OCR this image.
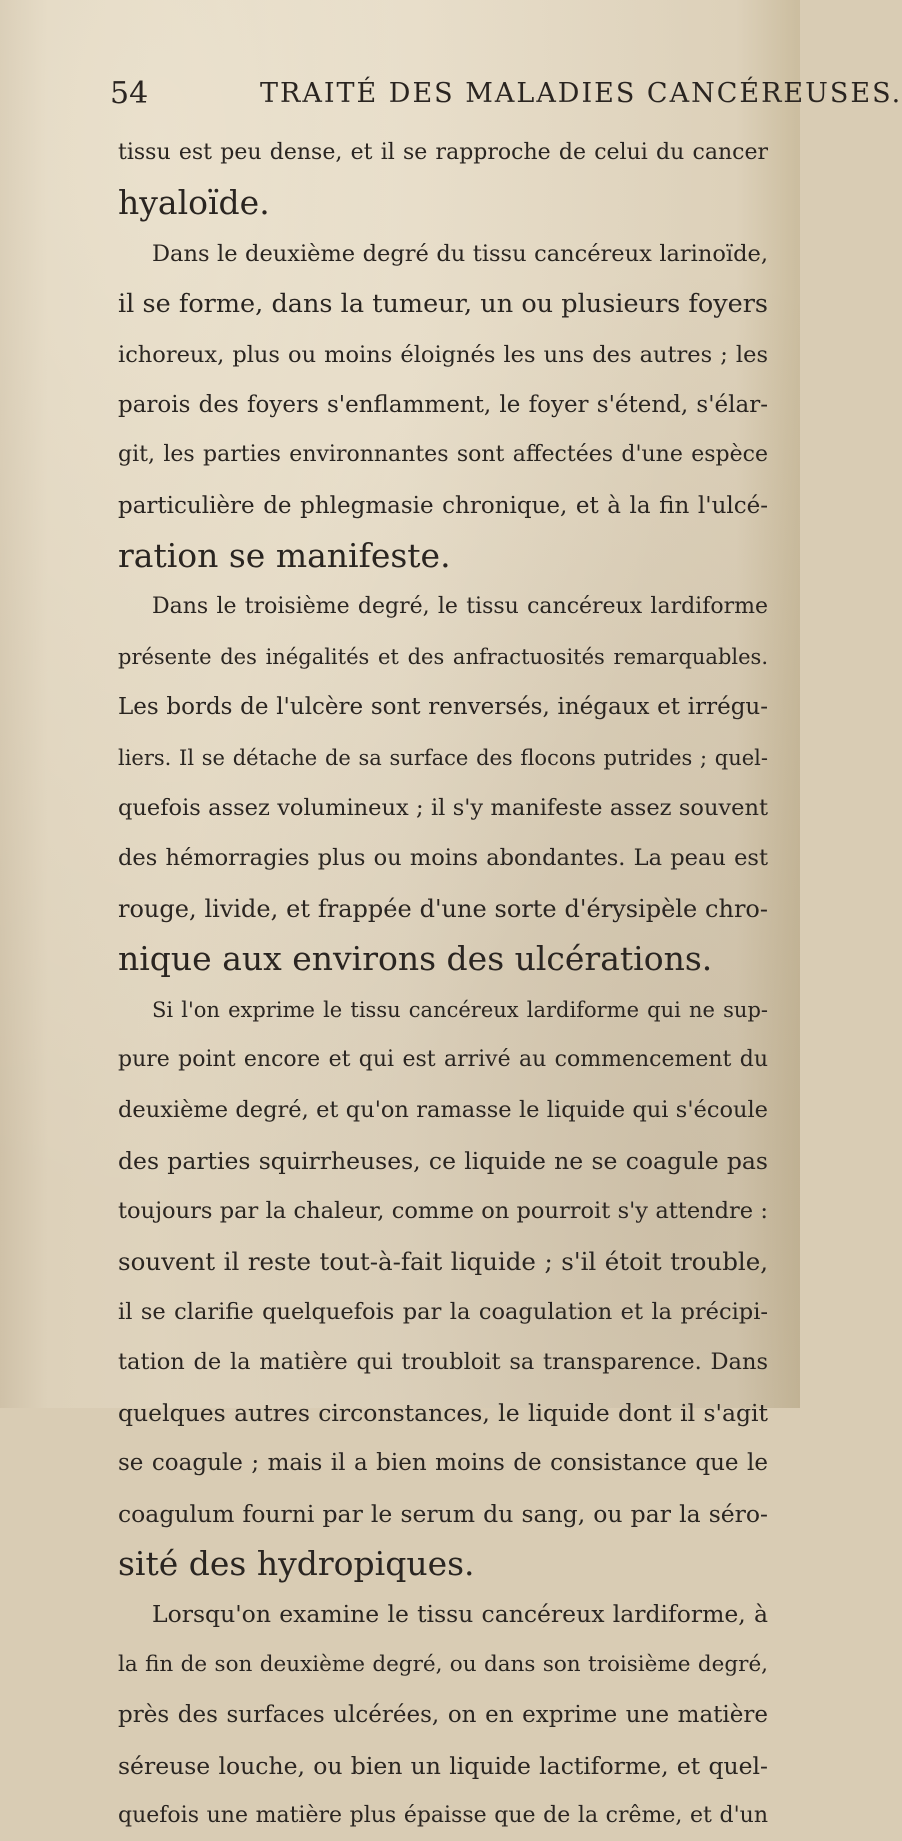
54	TRAITÉ DES MALADIES CANCÉREUSES.
tissu est peu dense, et il se rapproche de celui du cancer
hyaloïde.
Dans le deuxième degré du tissu cancéreux larinoïde,
il se forme, dans la tumeur, un ou plusieurs foyers
ichoreux, plus ou moins éloignés les uns des autres ; les
parois des foyers s'enflamment, le foyer s'étend, s'élar-
git, les parties environnantes sont affectées d'une espèce
particulière de phlegmasie chronique, et à la fin l'ulcé-
ration se manifeste.
Dans le troisième degré, le tissu cancéreux lardiforme
présente des inégalités et des anfractuosités remarquables.
Les bords de l'ulcère sont renversés, inégaux et irrégu-
liers. Il se détache de sa surface des flocons putrides ; quel-
quefois assez volumineux ; il s'y manifeste assez souvent
des hémorragies plus ou moins abondantes. La peau est
rouge, livide, et frappée d'une sorte d'érysipèle chro-
nique aux environs des ulcérations.
Si l'on exprime le tissu cancéreux lardiforme qui ne sup-
pure point encore et qui est arrivé au commencement du
deuxième degré, et qu'on ramasse le liquide qui s'écoule
des parties squirrheuses, ce liquide ne se coagule pas
toujours par la chaleur, comme on pourroit s'y attendre :
souvent il reste tout-à-fait liquide ; s'il étoit trouble,
il se clarifie quelquefois par la coagulation et la précipi-
tation de la matière qui troubloit sa transparence. Dans
quelques autres circonstances, le liquide dont il s'agit
se coagule ; mais il a bien moins de consistance que le
coagulum fourni par le serum du sang, ou par la séro-
sité des hydropiques.
Lorsqu'on examine le tissu cancéreux lardiforme, à
la fin de son deuxième degré, ou dans son troisième degré,
près des surfaces ulcérées, on en exprime une matière
séreuse louche, ou bien un liquide lactiforme, et quel-
quefois une matière plus épaisse que de la crême, et d'un
